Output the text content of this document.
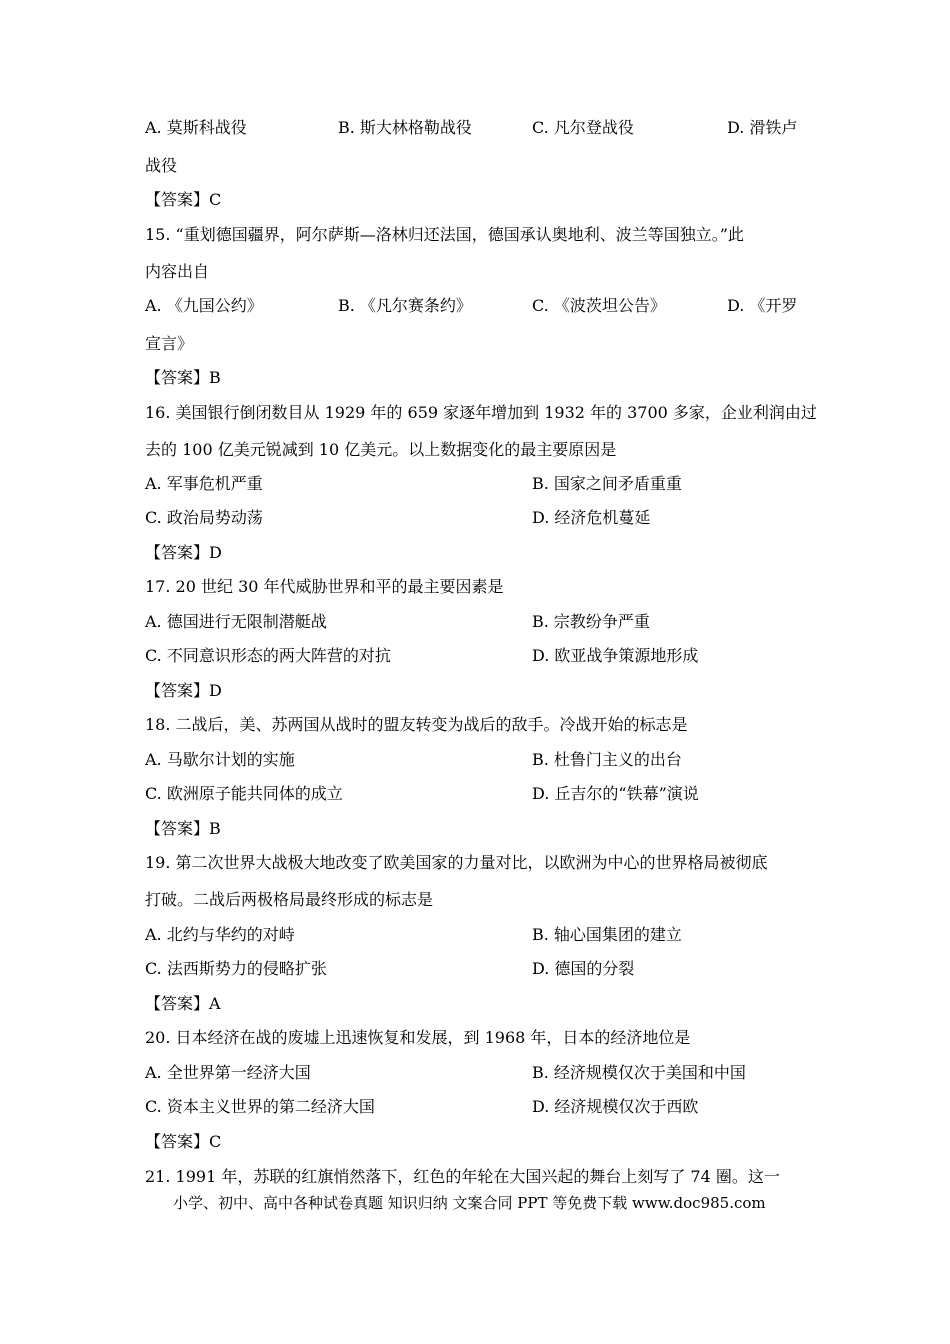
A. 莫斯科战役	B. 斯大林格勒战役	C. 凡尔登战役	D. 滑铁卢
战役
【答案】C
15. “重划德国疆界，阿尔萨斯—洛林归还法国，德国承认奥地利、波兰等国独立。”此
内容出自
A. 《九国公约》	B. 《凡尔赛条约》	C. 《波茨坦公告》	D. 《开罗
宣言》
【答案】B
16. 美国银行倒闭数目从 1929 年的 659 家逐年增加到 1932 年的 3700 多家，企业利润由过
去的 100 亿美元锐减到 10 亿美元。以上数据变化的最主要原因是
A. 军事危机严重	B. 国家之间矛盾重重
C. 政治局势动荡	D. 经济危机蔓延
【答案】D
17. 20 世纪 30 年代威胁世界和平的最主要因素是
A. 德国进行无限制潜艇战	B. 宗教纷争严重
C. 不同意识形态的两大阵营的对抗	D. 欧亚战争策源地形成
【答案】D
18. 二战后，美、苏两国从战时的盟友转变为战后的敌手。冷战开始的标志是
A. 马歇尔计划的实施	B. 杜鲁门主义的出台
C. 欧洲原子能共同体的成立	D. 丘吉尔的“铁幕”演说
【答案】B
19. 第二次世界大战极大地改变了欧美国家的力量对比，以欧洲为中心的世界格局被彻底
打破。二战后两极格局最终形成的标志是
A. 北约与华约的对峙	B. 轴心国集团的建立
C. 法西斯势力的侵略扩张	D. 德国的分裂
【答案】A
20. 日本经济在战的废墟上迅速恢复和发展，到 1968 年，日本的经济地位是
A. 全世界第一经济大国	B. 经济规模仅次于美国和中国
C. 资本主义世界的第二经济大国	D. 经济规模仅次于西欧
【答案】C
21. 1991 年，苏联的红旗悄然落下，红色的年轮在大国兴起的舞台上刻写了 74 圈。这一
小学、初中、高中各种试卷真题 知识归纳 文案合同 PPT 等免费下载 www.doc985.com
